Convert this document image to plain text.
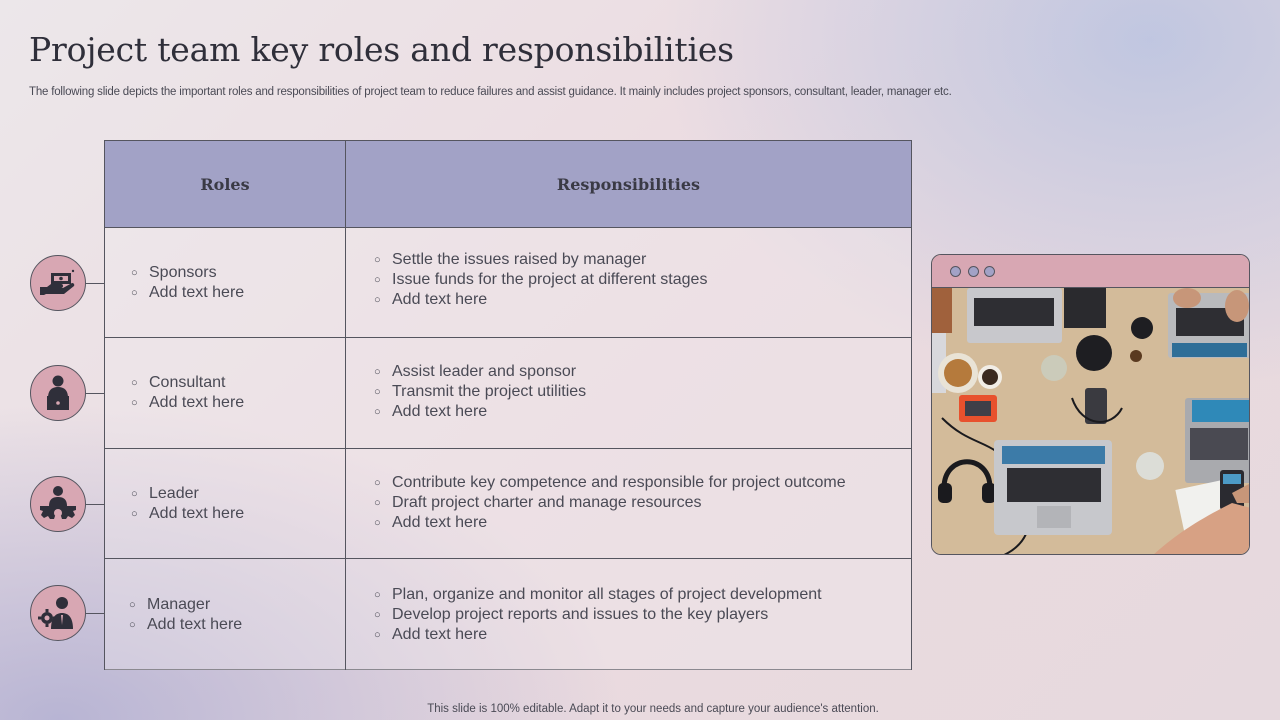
Project team key roles and responsibilities
The following slide depicts the important roles and responsibilities of project team to reduce failures and assist guidance. It mainly includes project sponsors, consultant, leader, manager etc.
Roles	Responsibilities
○ Sponsors
○ Add text here
○ Settle the issues raised by manager
○ Issue funds for the project at different stages
○ Add text here
○ Consultant
○ Add text here
○ Assist leader and sponsor
○ Transmit the project utilities
○ Add text here
○ Leader
○ Add text here
○ Contribute key competence and responsible for project outcome
○ Draft project charter and manage resources
○ Add text here
○ Manager
○ Add text here
○ Plan, organize and monitor all stages of project development
○ Develop project reports and issues to the key players
○ Add text here
This slide is 100% editable. Adapt it to your needs and capture your audience's attention.
